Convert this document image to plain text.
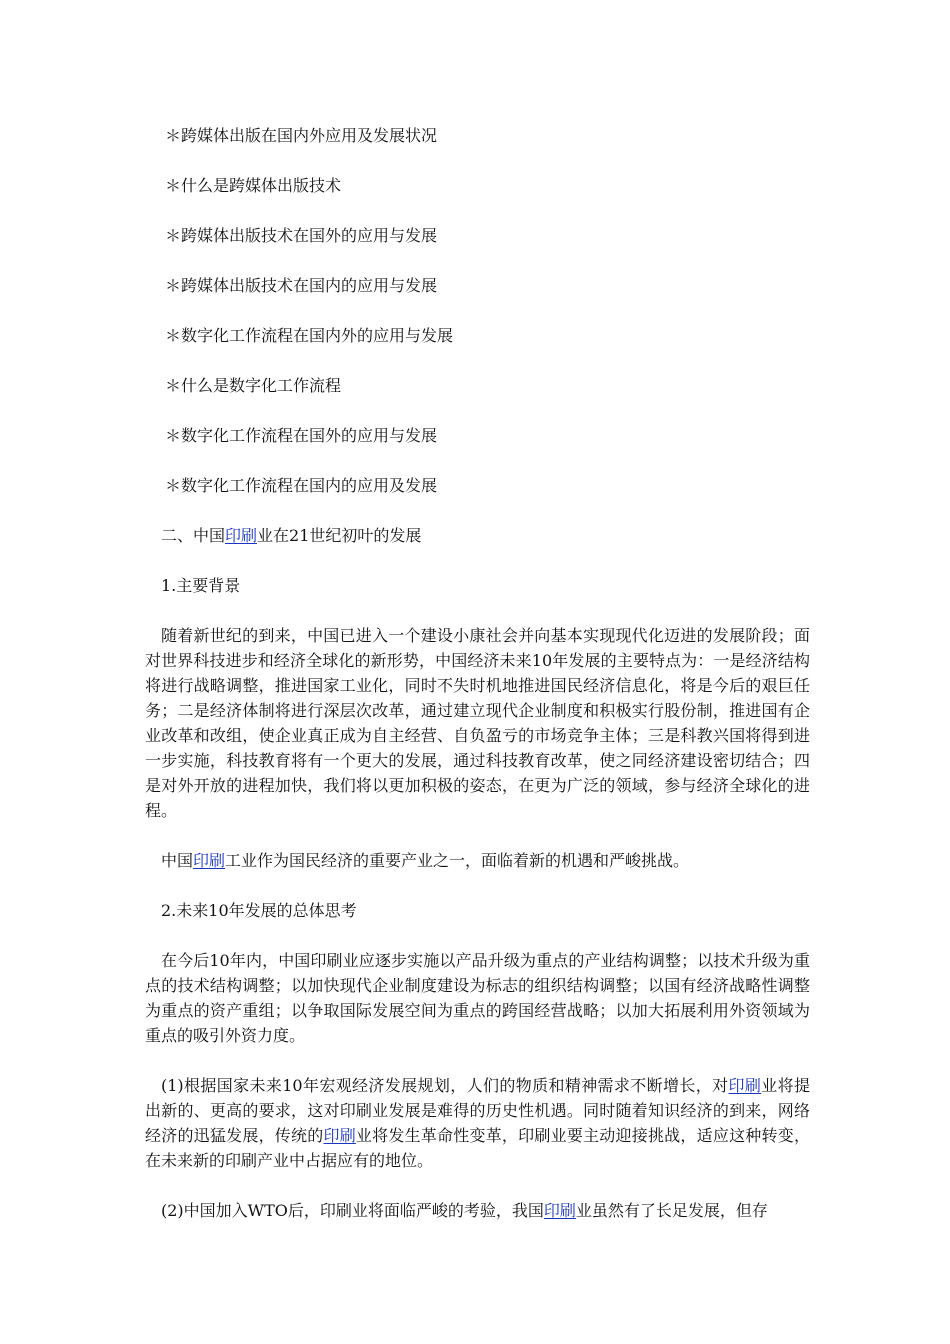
＊跨媒体出版在国内外应用及发展状况

＊什么是跨媒体出版技术

＊跨媒体出版技术在国外的应用与发展

＊跨媒体出版技术在国内的应用与发展

＊数字化工作流程在国内外的应用与发展

＊什么是数字化工作流程

＊数字化工作流程在国外的应用与发展

＊数字化工作流程在国内的应用及发展

二、中国印刷业在21世纪初叶的发展

1.主要背景

随着新世纪的到来，中国已进入一个建设小康社会并向基本实现现代化迈进的发展阶段；面对世界科技进步和经济全球化的新形势，中国经济未来10年发展的主要特点为：一是经济结构将进行战略调整，推进国家工业化，同时不失时机地推进国民经济信息化，将是今后的艰巨任务；二是经济体制将进行深层次改革，通过建立现代企业制度和积极实行股份制，推进国有企业改革和改组，使企业真正成为自主经营、自负盈亏的市场竞争主体；三是科教兴国将得到进一步实施，科技教育将有一个更大的发展，通过科技教育改革，使之同经济建设密切结合；四是对外开放的进程加快，我们将以更加积极的姿态，在更为广泛的领域，参与经济全球化的进程。

中国印刷工业作为国民经济的重要产业之一，面临着新的机遇和严峻挑战。

2.未来10年发展的总体思考

在今后10年内，中国印刷业应逐步实施以产品升级为重点的产业结构调整；以技术升级为重点的技术结构调整；以加快现代企业制度建设为标志的组织结构调整；以国有经济战略性调整为重点的资产重组；以争取国际发展空间为重点的跨国经营战略；以加大拓展利用外资领域为重点的吸引外资力度。

(1)根据国家未来10年宏观经济发展规划，人们的物质和精神需求不断增长，对印刷业将提出新的、更高的要求，这对印刷业发展是难得的历史性机遇。同时随着知识经济的到来，网络经济的迅猛发展，传统的印刷业将发生革命性变革，印刷业要主动迎接挑战，适应这种转变，在未来新的印刷产业中占据应有的地位。

(2)中国加入WTO后，印刷业将面临严峻的考验，我国印刷业虽然有了长足发展，但存
